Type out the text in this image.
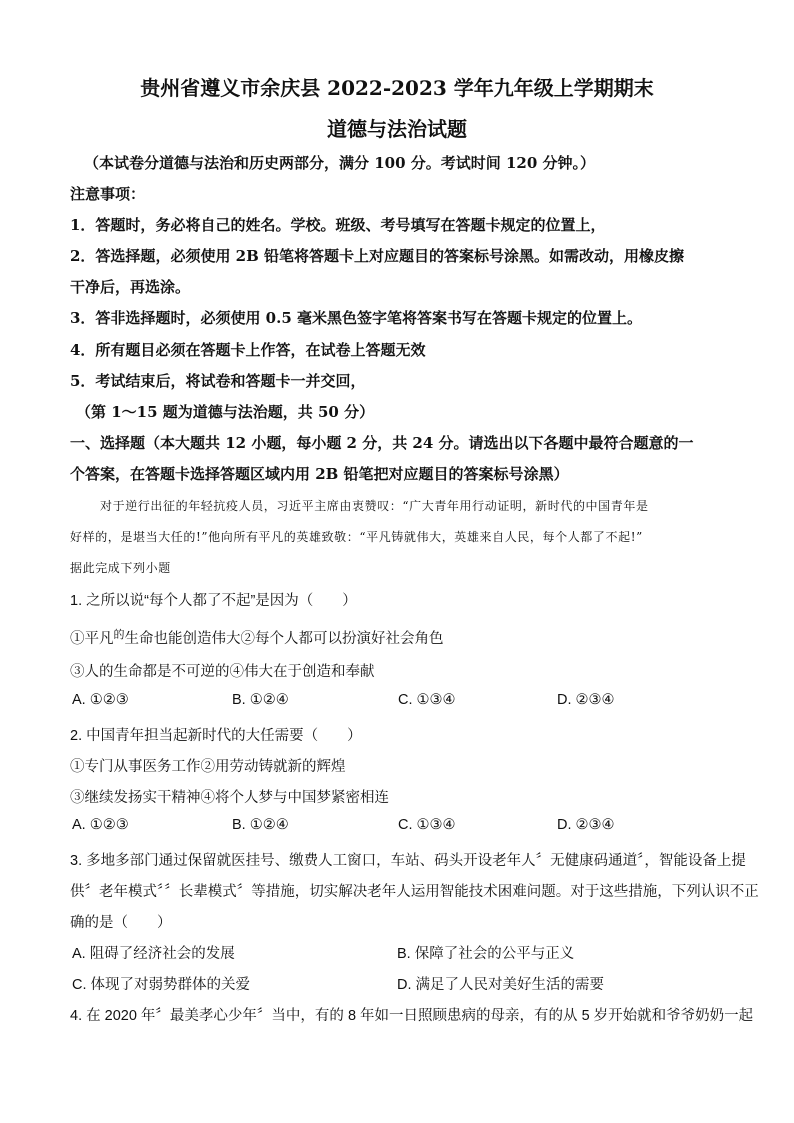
贵州省遵义市余庆县 2022-2023 学年九年级上学期期末
道德与法治试题
（本试卷分道德与法治和历史两部分，满分 100 分。考试时间 120 分钟。）
注意事项：
1．答题时，务必将自己的姓名。学校。班级、考号填写在答题卡规定的位置上，
2．答选择题，必须使用 2B 铅笔将答题卡上对应题目的答案标号涂黑。如需改动，用橡皮擦
干净后，再选涂。
3．答非选择题时，必须使用 0.5 毫米黑色签字笔将答案书写在答题卡规定的位置上。
4．所有题目必须在答题卡上作答，在试卷上答题无效
5．考试结束后，将试卷和答题卡一并交回，
（第 1～15 题为道德与法治题，共 50 分）
一、选择题（本大题共 12 小题，每小题 2 分，共 24 分。请选出以下各题中最符合题意的一
个答案，在答题卡选择答题区域内用 2B 铅笔把对应题目的答案标号涂黑）
对于逆行出征的年轻抗疫人员，习近平主席由衷赞叹：“广大青年用行动证明，新时代的中国青年是
好样的，是堪当大任的!”他向所有平凡的英雄致敬：“平凡铸就伟大，英雄来自人民，每个人都了不起!”
据此完成下列小题
1. 之所以说“每个人都了不起”是因为（　　）
①平凡$^的$生命也能创造伟大②每个人都可以扮演好社会角色
③人的生命都是不可逆的④伟大在于创造和奉献
A. ①②③	B. ①②④	C. ①③④	D. ②③④
2. 中国青年担当起新时代的大任需要（　　）
①专门从事医务工作②用劳动铸就新的辉煌
③继续发扬实干精神④将个人梦与中国梦紧密相连
A. ①②③	B. ①②④	C. ①③④	D. ②③④
3. 多地多部门通过保留就医挂号、缴费人工窗口，车站、码头开设老年人〞无健康码通道〞，智能设备上提
供〞老年模式〞〞长辈模式〞等措施，切实解决老年人运用智能技术困难问题。对于这些措施，下列认识不正
确的是（　　）
A. 阻碍了经济社会的发展	B. 保障了社会的公平与正义
C. 体现了对弱势群体的关爱	D. 满足了人民对美好生活的需要
4. 在 2020 年〞最美孝心少年〞当中，有的 8 年如一日照顾患病的母亲，有的从 5 岁开始就和爷爷奶奶一起
